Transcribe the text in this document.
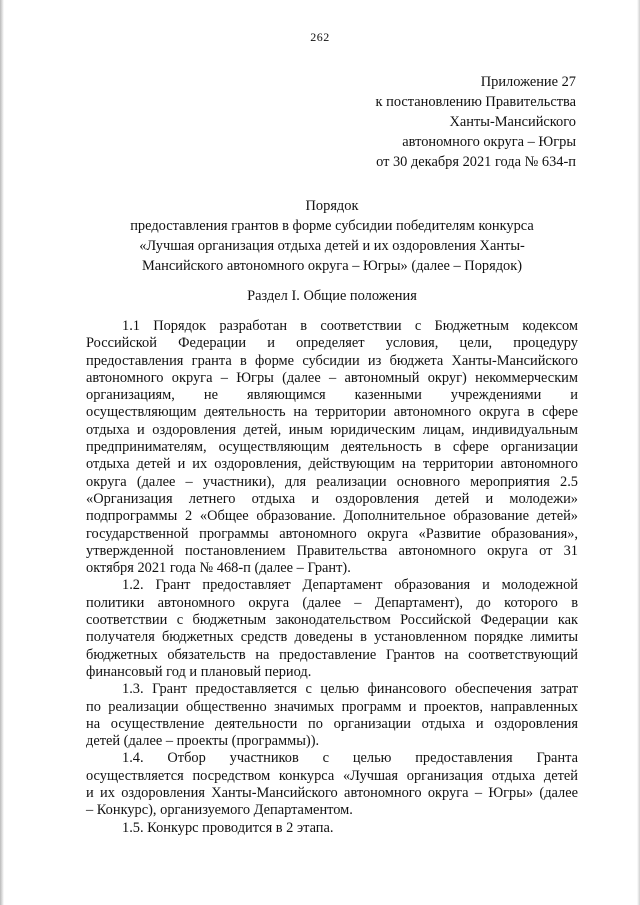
262
Приложение 27
к постановлению Правительства
Ханты-Мансийского
автономного округа – Югры
от 30 декабря 2021 года № 634-п
Порядок
предоставления грантов в форме субсидии победителям конкурса
«Лучшая организация отдыха детей и их оздоровления Ханты-
Мансийского автономного округа – Югры» (далее – Порядок)
Раздел I. Общие положения
1.1 Порядок разработан в соответствии с Бюджетным кодексом
Российской Федерации и определяет условия, цели, процедуру
предоставления гранта в форме субсидии из бюджета Ханты-Мансийского
автономного округа – Югры (далее – автономный округ) некоммерческим
организациям, не являющимся казенными учреждениями и
осуществляющим деятельность на территории автономного округа в сфере
отдыха и оздоровления детей, иным юридическим лицам, индивидуальным
предпринимателям, осуществляющим деятельность в сфере организации
отдыха детей и их оздоровления, действующим на территории автономного
округа (далее – участники), для реализации основного мероприятия 2.5
«Организация летнего отдыха и оздоровления детей и молодежи»
подпрограммы 2 «Общее образование. Дополнительное образование детей»
государственной программы автономного округа «Развитие образования»,
утвержденной постановлением Правительства автономного округа от 31
октября 2021 года № 468-п (далее – Грант).
1.2. Грант предоставляет Департамент образования и молодежной
политики автономного округа (далее – Департамент), до которого в
соответствии с бюджетным законодательством Российской Федерации как
получателя бюджетных средств доведены в установленном порядке лимиты
бюджетных обязательств на предоставление Грантов на соответствующий
финансовый год и плановый период.
1.3. Грант предоставляется с целью финансового обеспечения затрат
по реализации общественно значимых программ и проектов, направленных
на осуществление деятельности по организации отдыха и оздоровления
детей (далее – проекты (программы)).
1.4. Отбор участников с целью предоставления Гранта
осуществляется посредством конкурса «Лучшая организация отдыха детей
и их оздоровления Ханты-Мансийского автономного округа – Югры» (далее
– Конкурс), организуемого Департаментом.
1.5. Конкурс проводится в 2 этапа.
